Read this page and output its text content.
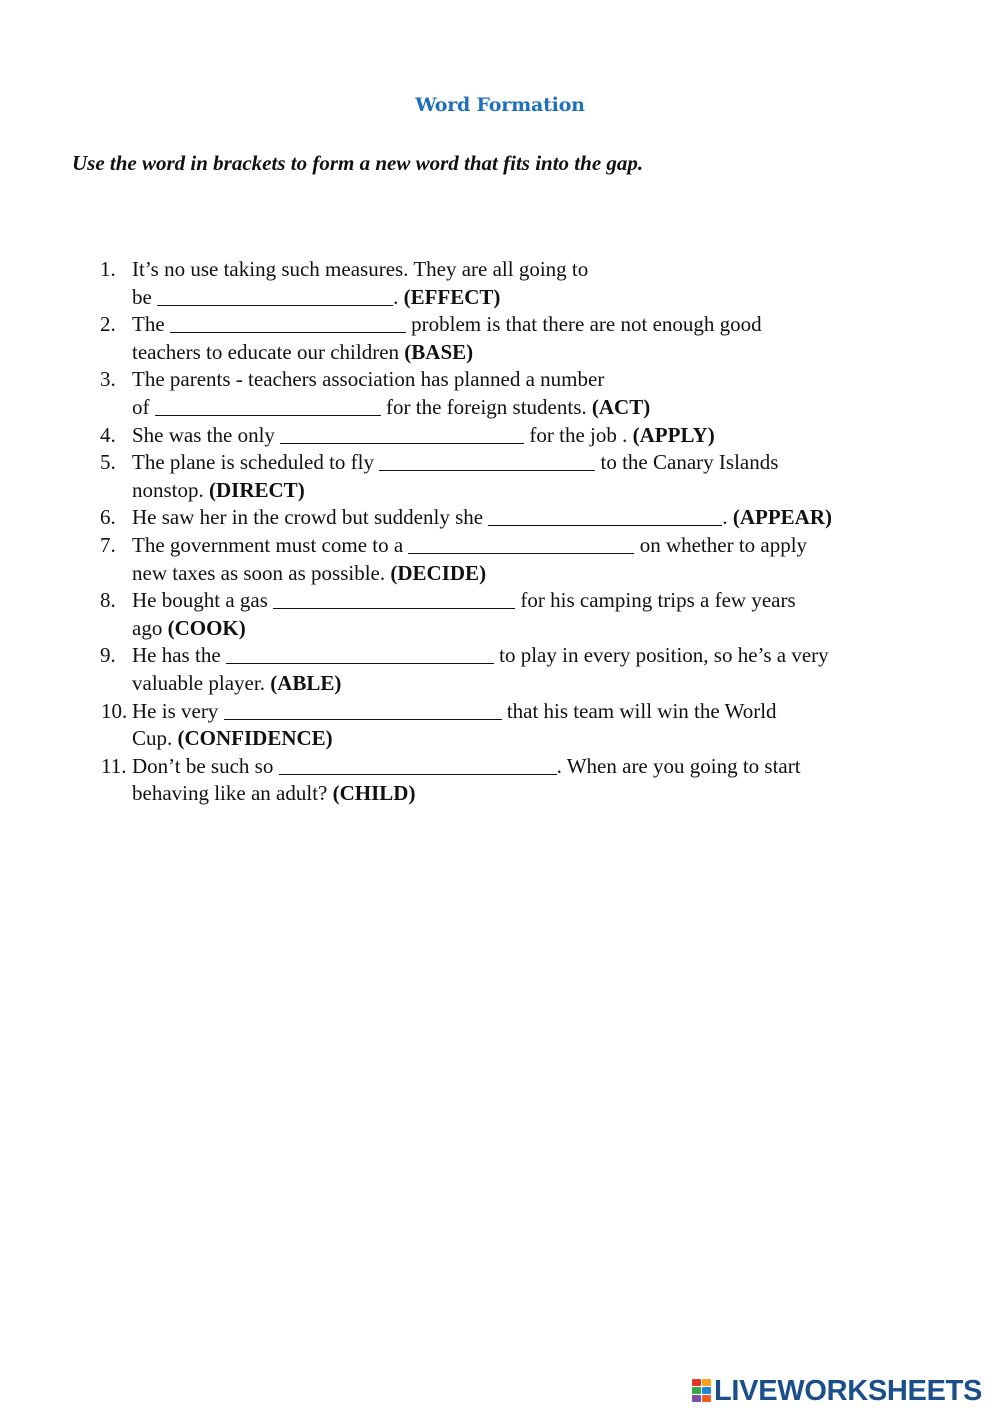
Word Formation
Use the word in brackets to form a new word that fits into the gap.
1. It’s no use taking such measures. They are all going to
be	. (EFFECT)
2. The	problem is that there are not enough good
teachers to educate our children (BASE)
3. The parents - teachers association has planned a number
of	for the foreign students. (ACT)
4. She was the only	for the job . (APPLY)
5. The plane is scheduled to fly	to the Canary Islands
nonstop. (DIRECT)
6. He saw her in the crowd but suddenly she	. (APPEAR)
7. The government must come to a	on whether to apply
new taxes as soon as possible. (DECIDE)
8. He bought a gas	for his camping trips a few years
ago (COOK)
9. He has the	to play in every position, so he’s a very
valuable player. (ABLE)
10. He is very	that his team will win the World
Cup. (CONFIDENCE)
11. Don’t be such so	. When are you going to start
behaving like an adult? (CHILD)
LIVEWORKSHEETS
